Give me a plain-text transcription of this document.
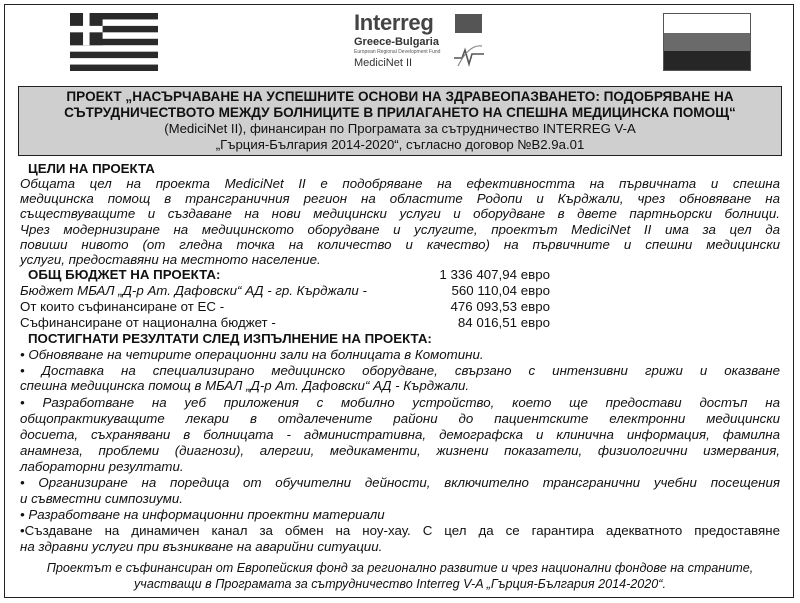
Interreg
Greece-Bulgaria
European Regional Development Fund
MediciNet II
ПРОЕКТ „НАСЪРЧАВАНЕ НА УСПЕШНИТЕ ОСНОВИ НА ЗДРАВЕОПАЗВАНЕТО: ПОДОБРЯВАНЕ НА
СЪТРУДНИЧЕСТВОТО МЕЖДУ БОЛНИЦИТЕ В ПРИЛАГАНЕТО НА СПЕШНА МЕДИЦИНСКА ПОМОЩ“
(MediciNet II), финансиран по Програмата за сътрудничество INTERREG V-A
„Гърция-България 2014-2020“, съгласно договор №B2.9a.01
ЦЕЛИ НА ПРОЕКТА
Общата цел на проекта MediciNet II е подобряване на ефективността на първичната и спешна
медицинска помощ в трансграничния регион на областите Родопи и Кърджали, чрез обновяване на
съществуващите и създаване на нови медицински услуги и оборудване в двете партньорски болници.
Чрез модернизиране на медицинското оборудване и услугите, проектът MediciNet II има за цел да
повиши нивото (от гледна точка на количество и качество) на първичните и спешни медицински
услуги, предоставяни на местното население.
ОБЩ БЮДЖЕТ НА ПРОЕКТА:	1 336 407,94 евро
Бюджет МБАЛ „Д-р Ат. Дафовски“ АД - гр. Кърджали -	560 110,04 евро
От които съфинансиране от ЕС -	476 093,53 евро
Съфинансиране от национална бюджет -	84 016,51 евро
ПОСТИГНАТИ РЕЗУЛТАТИ СЛЕД ИЗПЪЛНЕНИЕ НА ПРОЕКТА:
• Обновяване на четирите операционни зали на болницата в Комотини.
• Доставка на специализирано медицинско оборудване, свързано с интензивни грижи и оказване
спешна медицинска помощ в МБАЛ „Д-р Ат. Дафовски“ АД - Кърджали.
• Разработване на уеб приложения с мобилно устройство, което ще предостави достъп на
общопрактикуващите лекари в отдалечените райони до пациентските електронни медицински
досиета, съхранявани в болницата - административна, демографска и клинична информация, фамилна
анамнеза, проблеми (диагнози), алергии, медикаменти, жизнени показатели, физиологични измервания,
лабораторни резултати.
• Организиране на поредица от обучителни дейности, включително трансгранични учебни посещения
и съвместни симпозиуми.
• Разработване на информационни проектни материали
•Създаване на динамичен канал за обмен на ноу-хау. С цел да се гарантира адекватното предоставяне
на здравни услуги при възникване на аварийни ситуации.
Проектът е съфинансиран от Европейския фонд за регионално развитие и чрез национални фондове на страните,
участващи в Програмата за сътрудничество Interreg V-A „Гърция-България 2014-2020“.
